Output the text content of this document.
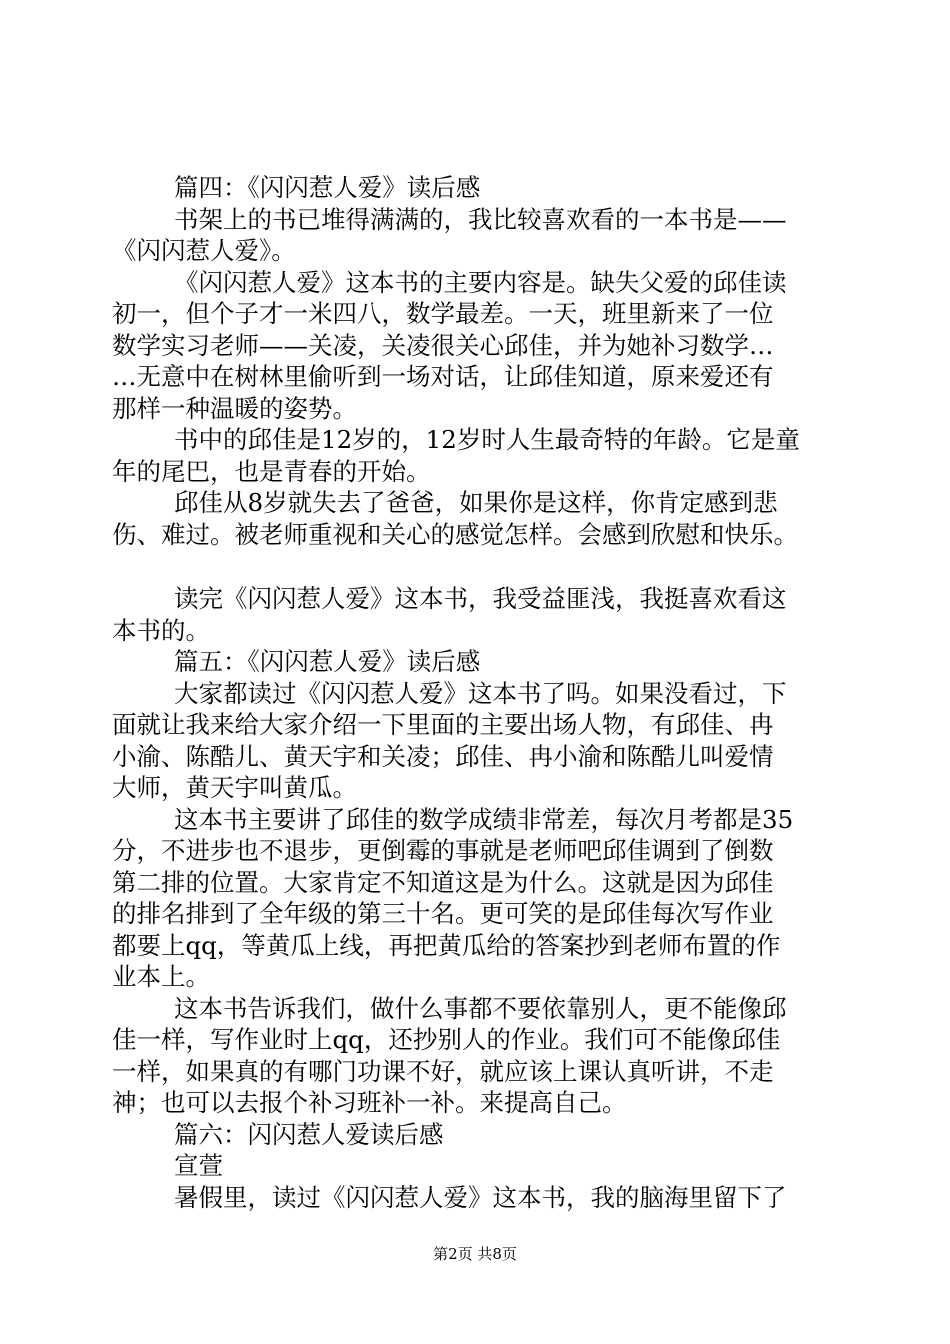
篇四：《闪闪惹人爱》读后感
书架上的书已堆得满满的，我比较喜欢看的一本书是——
《闪闪惹人爱》。
《闪闪惹人爱》这本书的主要内容是。缺失父爱的邱佳读
初一，但个子才一米四八，数学最差。一天，班里新来了一位
数学实习老师——关凌，关凌很关心邱佳，并为她补习数学…
…无意中在树林里偷听到一场对话，让邱佳知道，原来爱还有
那样一种温暖的姿势。
书中的邱佳是12岁的，12岁时人生最奇特的年龄。它是童
年的尾巴，也是青春的开始。
邱佳从8岁就失去了爸爸，如果你是这样，你肯定感到悲
伤、难过。被老师重视和关心的感觉怎样。会感到欣慰和快乐。
读完《闪闪惹人爱》这本书，我受益匪浅，我挺喜欢看这
本书的。
篇五：《闪闪惹人爱》读后感
大家都读过《闪闪惹人爱》这本书了吗。如果没看过，下
面就让我来给大家介绍一下里面的主要出场人物，有邱佳、冉
小渝、陈酷儿、黄天宇和关凌；邱佳、冉小渝和陈酷儿叫爱情
大师，黄天宇叫黄瓜。
这本书主要讲了邱佳的数学成绩非常差，每次月考都是35
分，不进步也不退步，更倒霉的事就是老师吧邱佳调到了倒数
第二排的位置。大家肯定不知道这是为什么。这就是因为邱佳
的排名排到了全年级的第三十名。更可笑的是邱佳每次写作业
都要上qq，等黄瓜上线，再把黄瓜给的答案抄到老师布置的作
业本上。
这本书告诉我们，做什么事都不要依靠别人，更不能像邱
佳一样，写作业时上qq，还抄别人的作业。我们可不能像邱佳
一样，如果真的有哪门功课不好，就应该上课认真听讲，不走
神；也可以去报个补习班补一补。来提高自己。
篇六：闪闪惹人爱读后感
宣萱
暑假里，读过《闪闪惹人爱》这本书，我的脑海里留下了
第2页 共8页
